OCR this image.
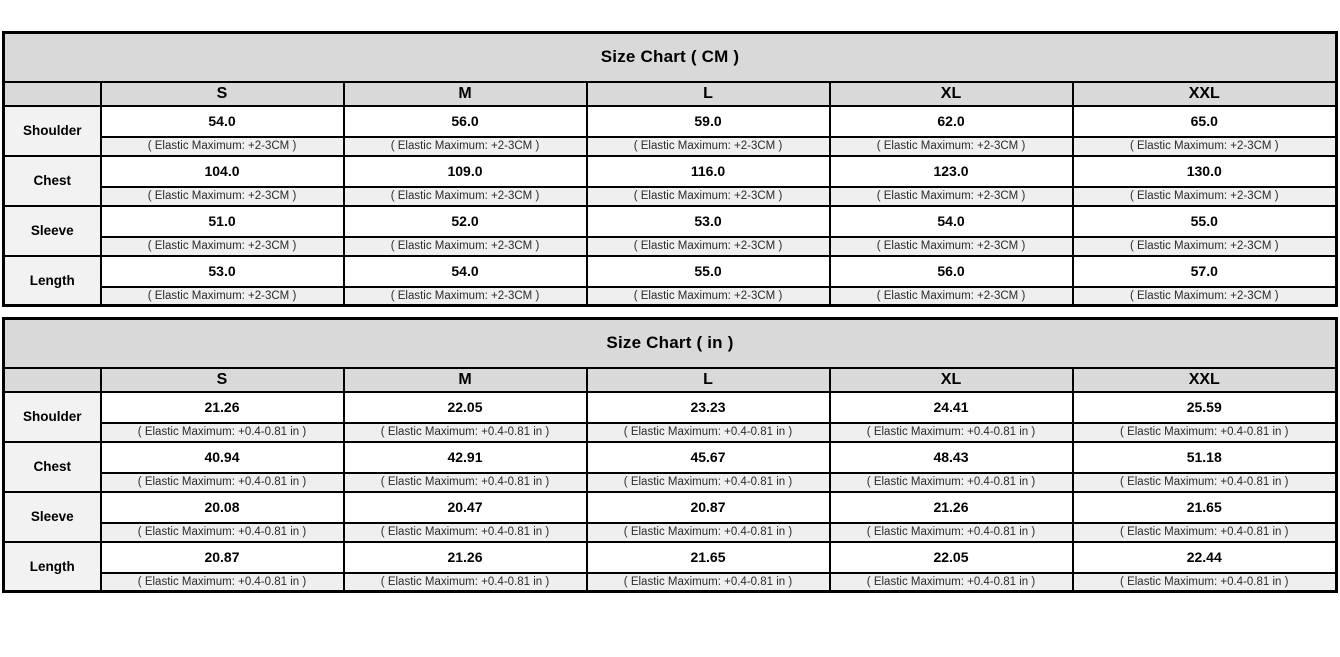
Size Chart ( CM )					
	S	M	L	XL	XXL
Shoulder	54.0	56.0	59.0	62.0	65.0
	( Elastic Maximum: +2-3CM )	( Elastic Maximum: +2-3CM )	( Elastic Maximum: +2-3CM )	( Elastic Maximum: +2-3CM )	( Elastic Maximum: +2-3CM )
Chest	104.0	109.0	116.0	123.0	130.0
	( Elastic Maximum: +2-3CM )	( Elastic Maximum: +2-3CM )	( Elastic Maximum: +2-3CM )	( Elastic Maximum: +2-3CM )	( Elastic Maximum: +2-3CM )
Sleeve	51.0	52.0	53.0	54.0	55.0
	( Elastic Maximum: +2-3CM )	( Elastic Maximum: +2-3CM )	( Elastic Maximum: +2-3CM )	( Elastic Maximum: +2-3CM )	( Elastic Maximum: +2-3CM )
Length	53.0	54.0	55.0	56.0	57.0
	( Elastic Maximum: +2-3CM )	( Elastic Maximum: +2-3CM )	( Elastic Maximum: +2-3CM )	( Elastic Maximum: +2-3CM )	( Elastic Maximum: +2-3CM )
Size Chart ( in )					
	S	M	L	XL	XXL
Shoulder	21.26	22.05	23.23	24.41	25.59
	( Elastic Maximum: +0.4-0.81 in )	( Elastic Maximum: +0.4-0.81 in )	( Elastic Maximum: +0.4-0.81 in )	( Elastic Maximum: +0.4-0.81 in )	( Elastic Maximum: +0.4-0.81 in )
Chest	40.94	42.91	45.67	48.43	51.18
	( Elastic Maximum: +0.4-0.81 in )	( Elastic Maximum: +0.4-0.81 in )	( Elastic Maximum: +0.4-0.81 in )	( Elastic Maximum: +0.4-0.81 in )	( Elastic Maximum: +0.4-0.81 in )
Sleeve	20.08	20.47	20.87	21.26	21.65
	( Elastic Maximum: +0.4-0.81 in )	( Elastic Maximum: +0.4-0.81 in )	( Elastic Maximum: +0.4-0.81 in )	( Elastic Maximum: +0.4-0.81 in )	( Elastic Maximum: +0.4-0.81 in )
Length	20.87	21.26	21.65	22.05	22.44
	( Elastic Maximum: +0.4-0.81 in )	( Elastic Maximum: +0.4-0.81 in )	( Elastic Maximum: +0.4-0.81 in )	( Elastic Maximum: +0.4-0.81 in )	( Elastic Maximum: +0.4-0.81 in )
